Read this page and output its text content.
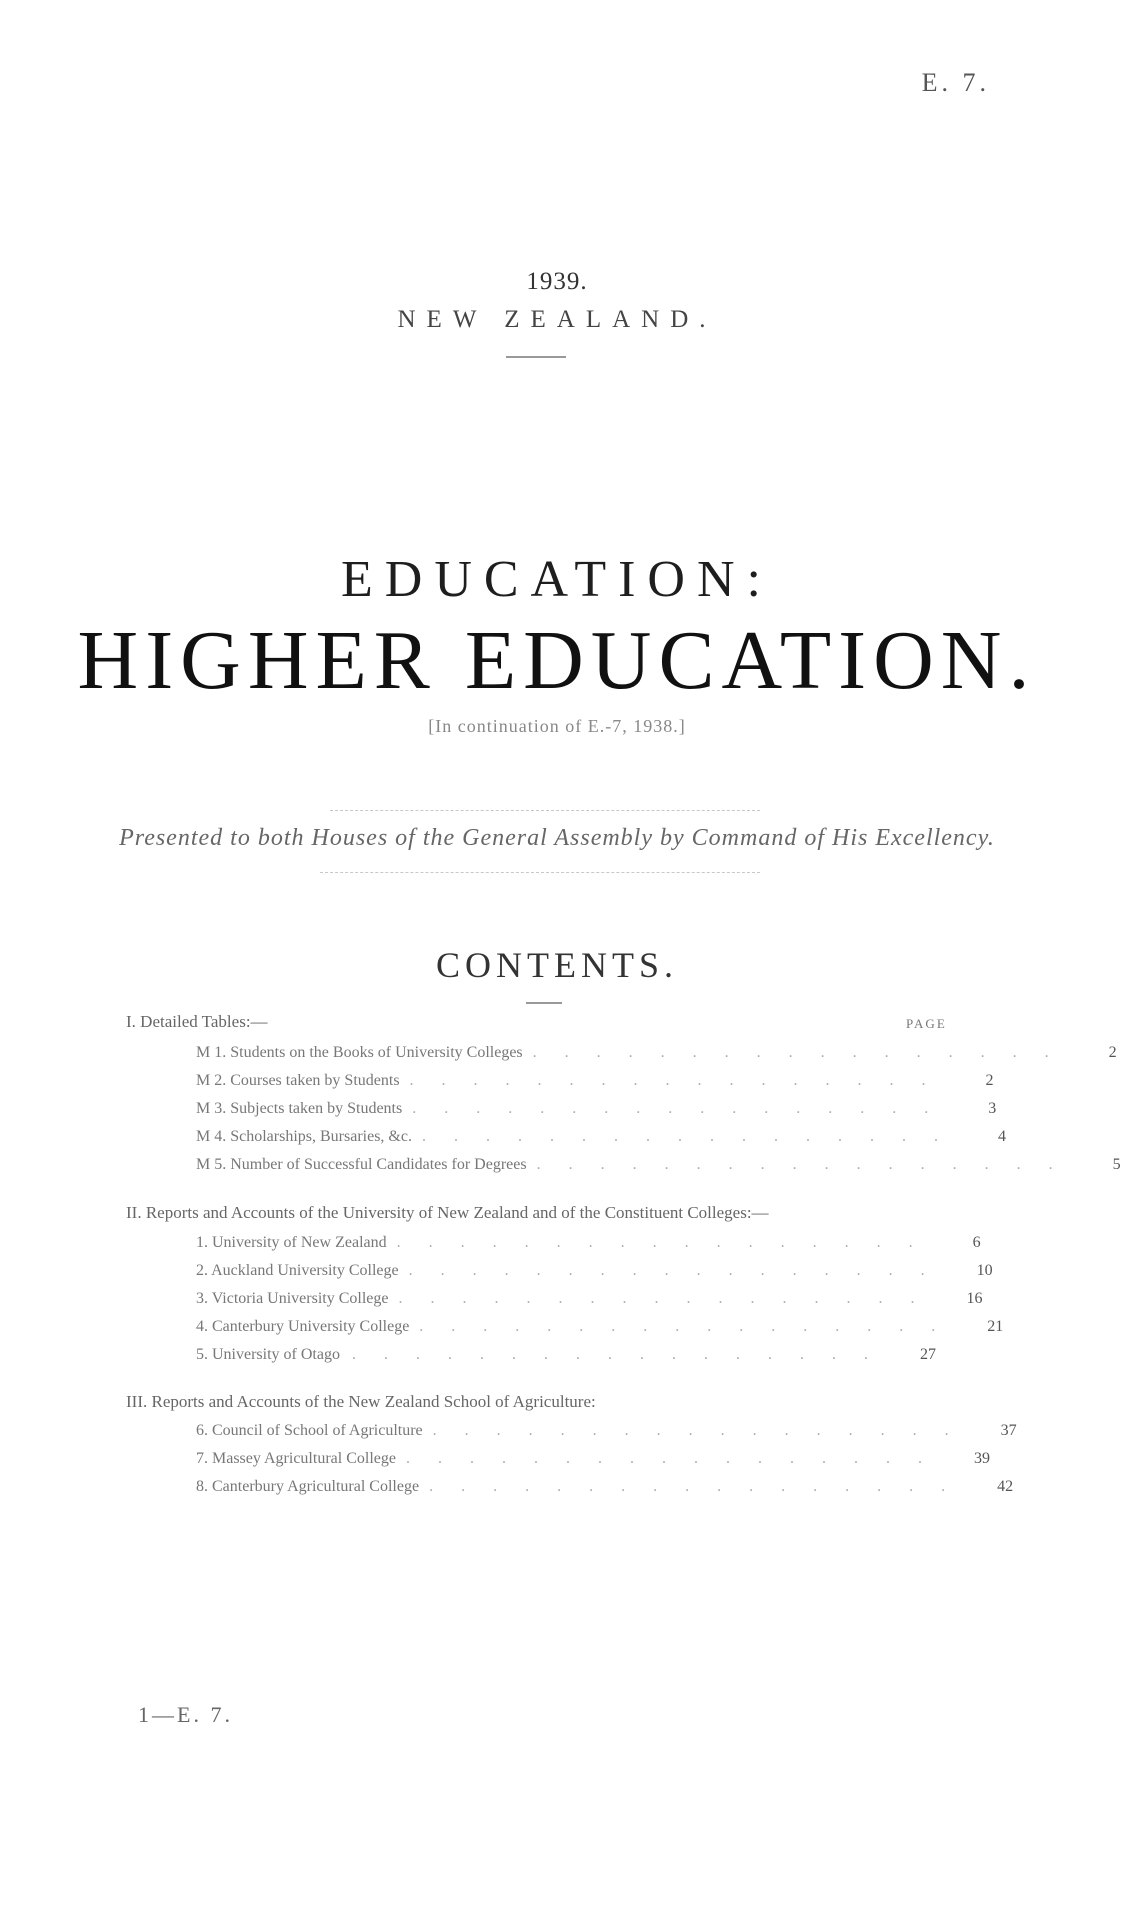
E. 7.
1939.
NEW ZEALAND.
EDUCATION:
HIGHER EDUCATION.
[In continuation of E.-7, 1938.]
Presented to both Houses of the General Assembly by Command of His Excellency.
CONTENTS.
PAGE
I. Detailed Tables:—
M 1. Students on the Books of University Colleges .................	2
M 2. Courses taken by Students .................	2
M 3. Subjects taken by Students .................	3
M 4. Scholarships, Bursaries, &c. .................	4
M 5. Number of Successful Candidates for Degrees .................	5
II. Reports and Accounts of the University of New Zealand and of the Constituent Colleges:—
1. University of New Zealand .................	6
2. Auckland University College .................	10
3. Victoria University College .................	16
4. Canterbury University College .................	21
5. University of Otago .................	27
III. Reports and Accounts of the New Zealand School of Agriculture:
6. Council of School of Agriculture .................	37
7. Massey Agricultural College .................	39
8. Canterbury Agricultural College .................	42
1—E. 7.
